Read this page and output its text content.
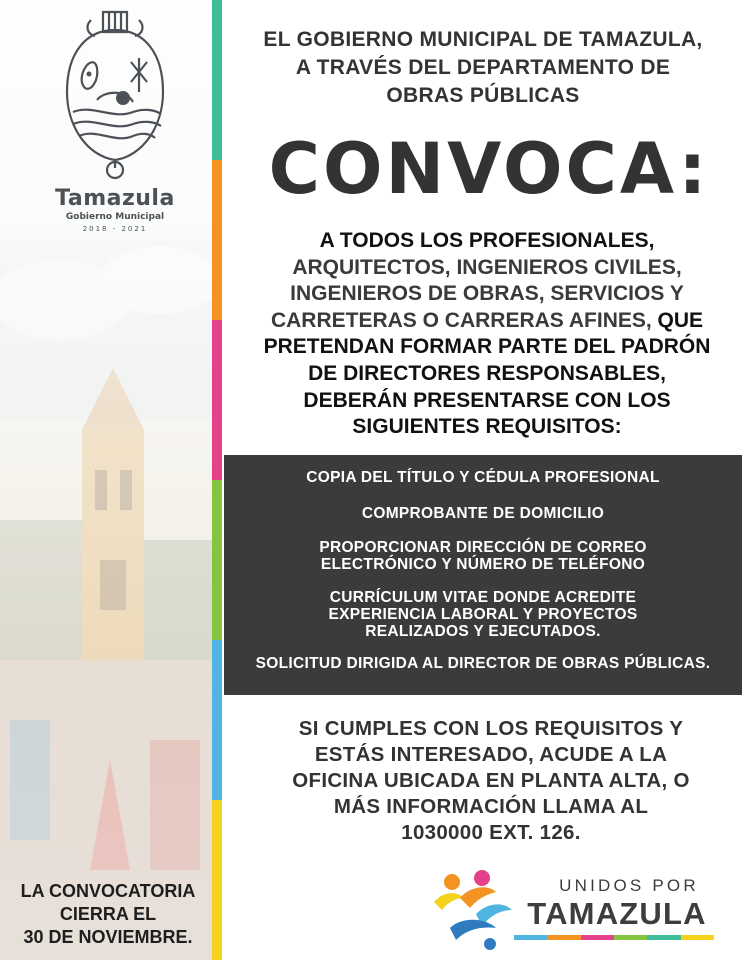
Tamazula
Gobierno Municipal
2018 - 2021
LA CONVOCATORIA
CIERRA EL
30 DE NOVIEMBRE.
EL GOBIERNO MUNICIPAL DE TAMAZULA,
A TRAVÉS DEL DEPARTAMENTO DE
OBRAS PÚBLICAS
CONVOCA:
A TODOS LOS PROFESIONALES,
ARQUITECTOS, INGENIEROS CIVILES,
INGENIEROS DE OBRAS, SERVICIOS Y
CARRETERAS O CARRERAS AFINES, QUE
PRETENDAN FORMAR PARTE DEL PADRÓN
DE DIRECTORES RESPONSABLES,
DEBERÁN PRESENTARSE CON LOS
SIGUIENTES REQUISITOS:
COPIA DEL TÍTULO Y CÉDULA PROFESIONAL
COMPROBANTE DE DOMICILIO
PROPORCIONAR DIRECCIÓN DE CORREO
ELECTRÓNICO Y NÚMERO DE TELÉFONO
CURRÍCULUM VITAE DONDE ACREDITE
EXPERIENCIA LABORAL Y PROYECTOS
REALIZADOS Y EJECUTADOS.
SOLICITUD DIRIGIDA AL DIRECTOR DE OBRAS PÚBLICAS.
SI CUMPLES CON LOS REQUISITOS Y
ESTÁS INTERESADO, ACUDE A LA
OFICINA UBICADA EN PLANTA ALTA, O
MÁS INFORMACIÓN LLAMA AL
1030000 EXT. 126.
UNIDOS POR
TAMAZULA
